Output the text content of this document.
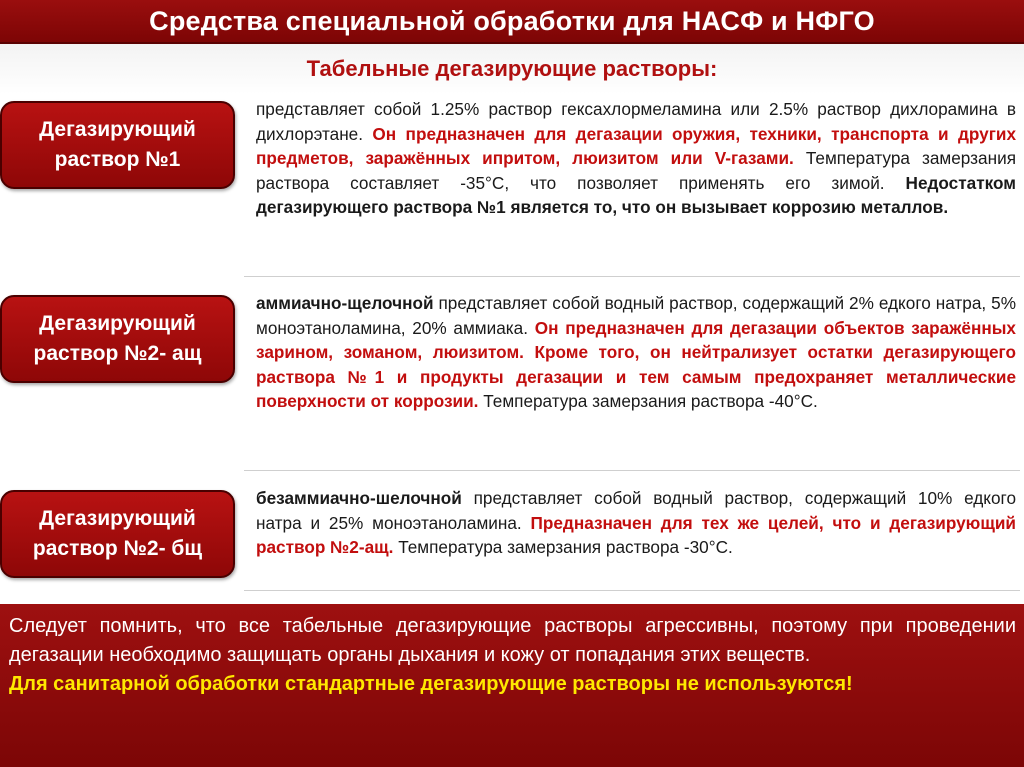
Средства специальной обработки для НАСФ и НФГО
Табельные дегазирующие растворы:
Дегазирующий
раствор №1
представляет собой 1.25% раствор гексахлормеламина или 2.5% раствор дихлорамина в дихлорэтане. Он предназначен для дегазации оружия, техники, транспорта и других предметов, заражённых ипритом, люизитом или V-газами. Температура замерзания раствора составляет -35°С, что позволяет применять его зимой. Недостатком дегазирующего раствора №1 является то, что он вызывает коррозию металлов.
Дегазирующий
раствор №2- ащ
аммиачно-щелочной представляет собой водный раствор, содержащий 2% едкого натра, 5% моноэтаноламина, 20% аммиака. Он предназначен для дегазации объектов заражённых зарином, зоманом, люизитом. Кроме того, он нейтрализует остатки дегазирующего раствора №1 и продукты дегазации и тем самым предохраняет металлические поверхности от коррозии. Температура замерзания раствора -40°С.
Дегазирующий
раствор №2- бщ
безаммиачно-шелочной представляет собой водный раствор, содержащий 10% едкого натра и 25% моноэтаноламина. Предназначен для тех же целей, что и дегазирующий раствор №2-ащ. Температура замерзания раствора -30°С.

Следует помнить, что все табельные дегазирующие растворы агрессивны, поэтому при проведении дегазации необходимо защищать органы дыхания и кожу от попадания этих веществ.

Для санитарной обработки стандартные дегазирующие растворы не используются!
